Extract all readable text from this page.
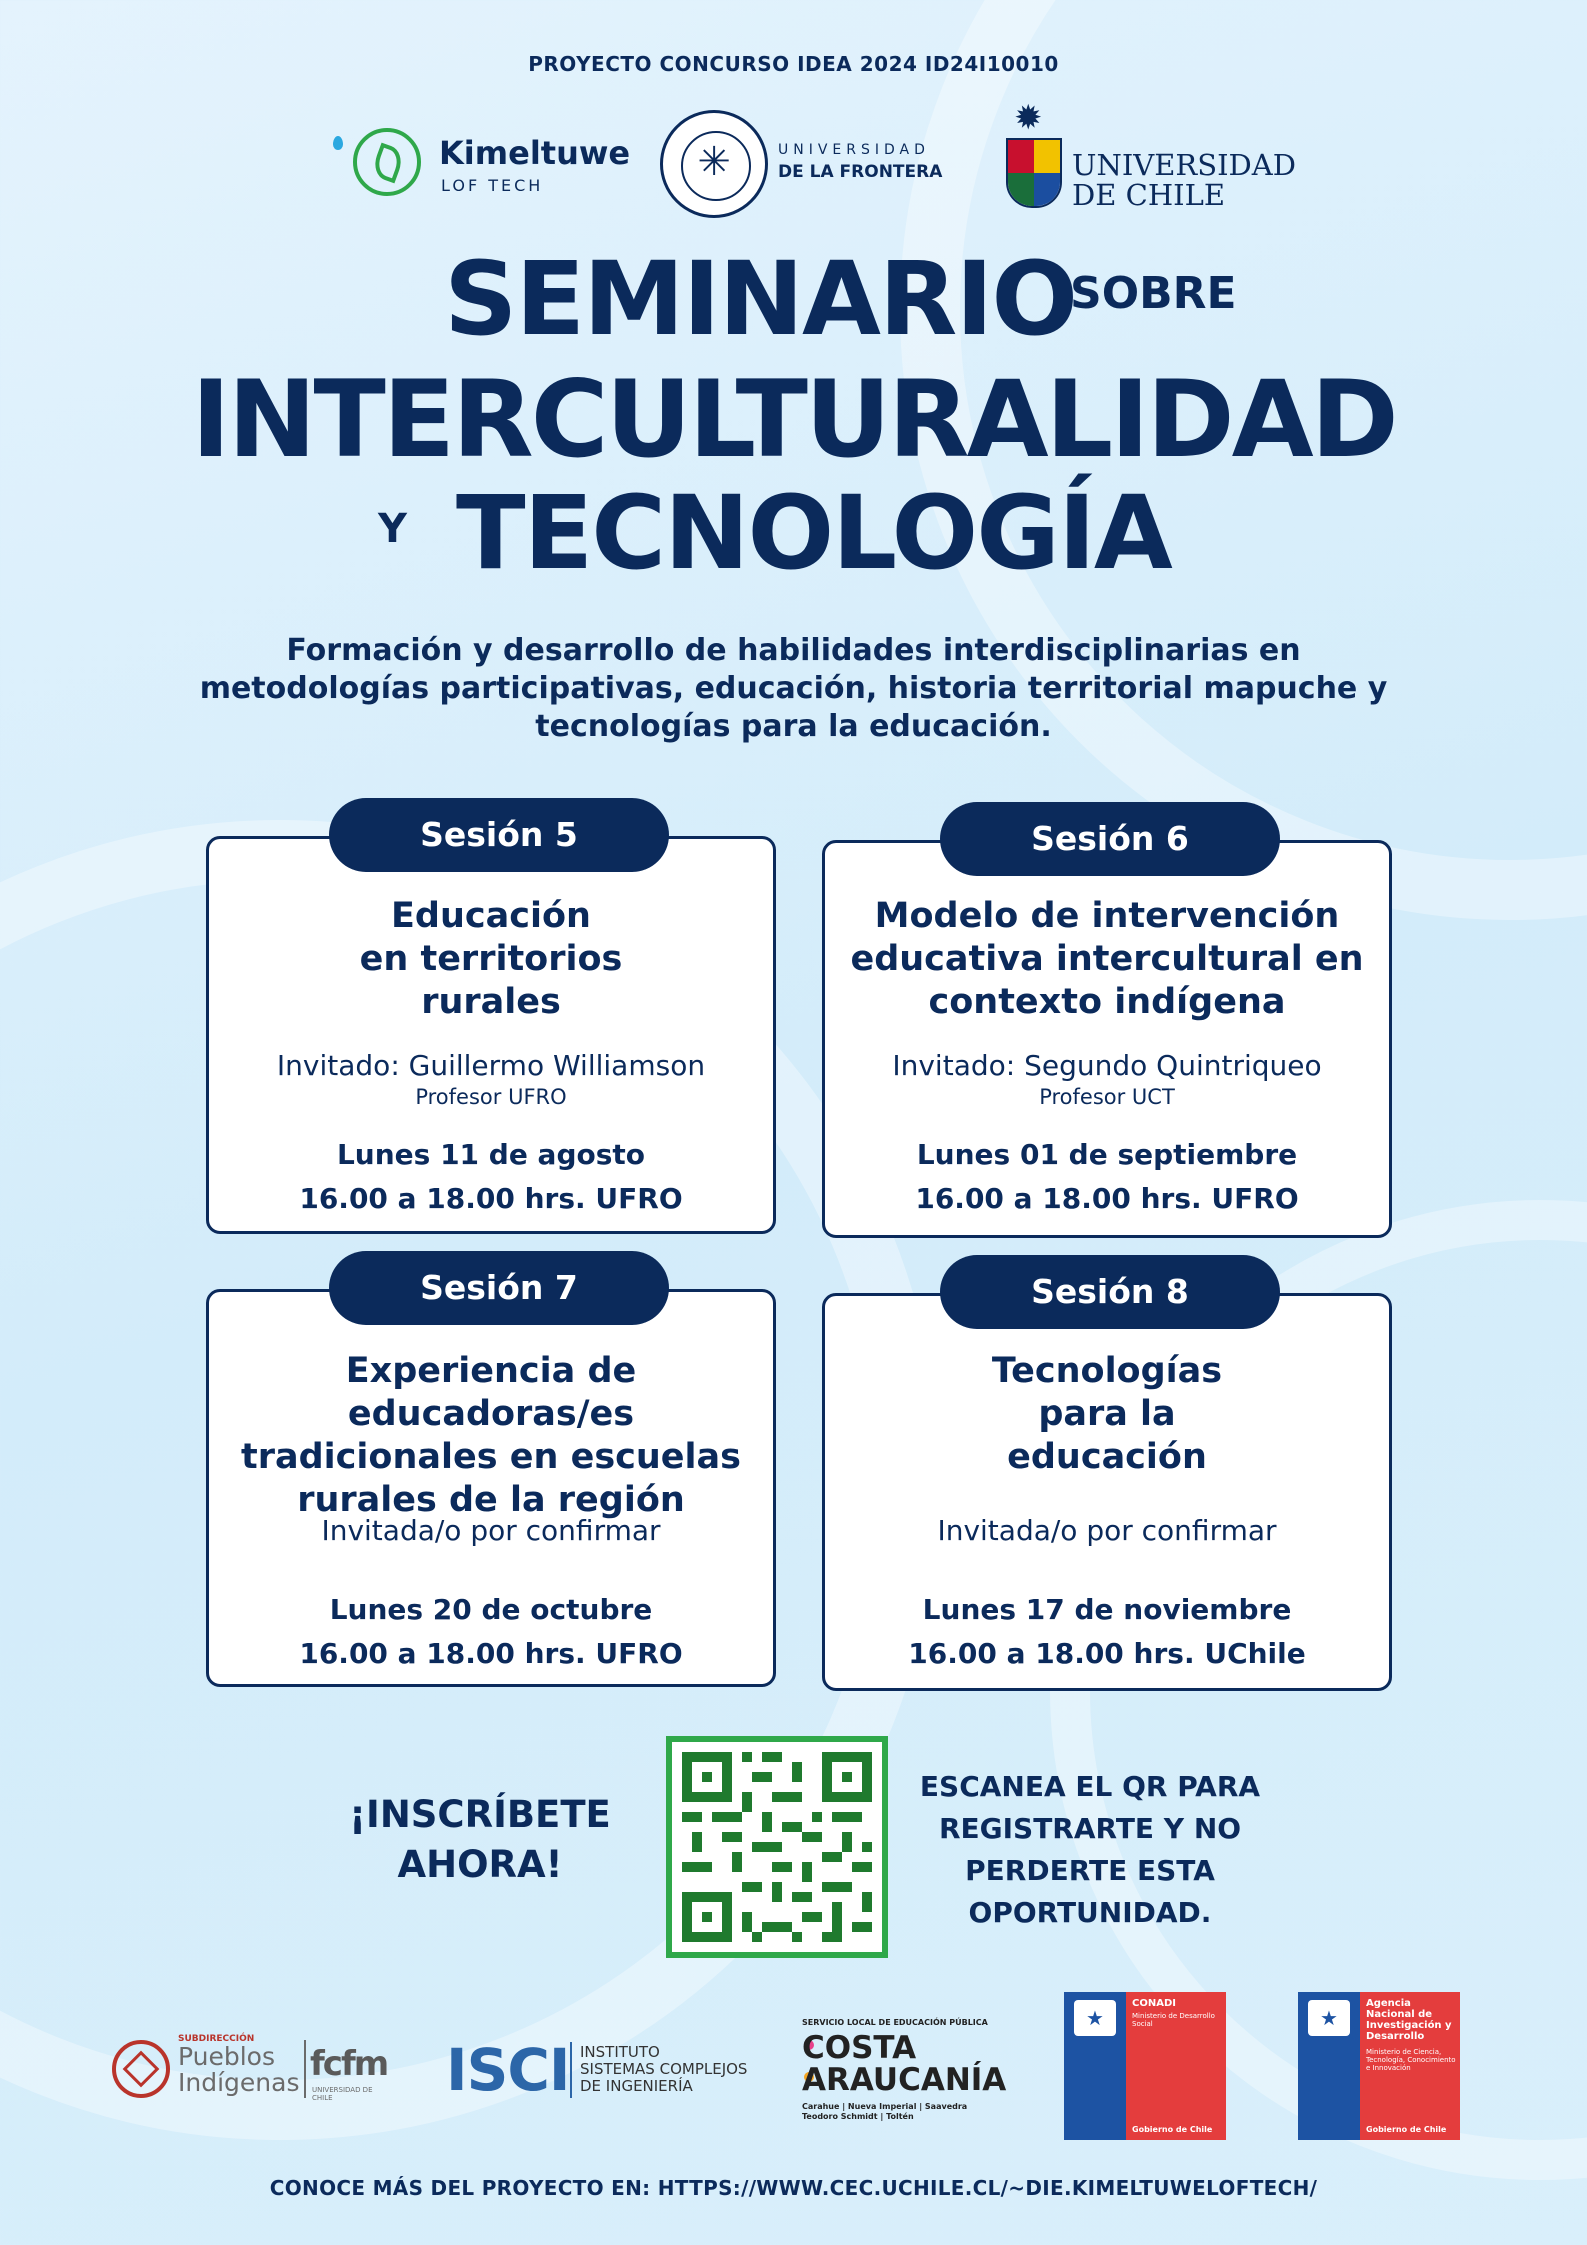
PROYECTO CONCURSO IDEA 2024 ID24I10010
Kimeltuwe
LOF TECH
✳
UNIVERSIDAD
DE LA FRONTERA
✹
UNIVERSIDAD
DE CHILE
SEMINARIO
SOBRE
INTERCULTURALIDAD
Y TECNOLOGÍA
Formación y desarrollo de habilidades interdisciplinarias en
metodologías participativas, educación, historia territorial mapuche y
tecnologías para la educación.
Educación
en territorios
rurales
Invitado: Guillermo Williamson
Profesor UFRO
Lunes 11 de agosto
16.00 a 18.00 hrs. UFRO
Sesión 5
Modelo de intervención
educativa intercultural en
contexto indígena
Invitado: Segundo Quintriqueo
Profesor UCT
Lunes 01 de septiembre
16.00 a 18.00 hrs. UFRO
Sesión 6
Experiencia de educadoras/es
tradicionales en escuelas
rurales de la región
Invitada/o por confirmar
Lunes 20 de octubre
16.00 a 18.00 hrs. UFRO
Sesión 7
Tecnologías
para la
educación
Invitada/o por confirmar
Lunes 17 de noviembre
16.00 a 18.00 hrs. UChile
Sesión 8
¡INSCRÍBETE
AHORA!
ESCANEA EL QR PARA
REGISTRARTE Y NO
PERDERTE ESTA
OPORTUNIDAD.
SUBDIRECCIÓN
Pueblos
Indígenas fcfm
UNIVERSIDAD DE CHILE	ISCI INSTITUTO
SISTEMAS COMPLEJOS
DE INGENIERÍA
SERVICIO LOCAL DE EDUCACIÓN PÚBLICA
COSTA
ARAUCANÍA
Carahue | Nueva Imperial | Saavedra
Teodoro Schmidt | Toltén
★
CONADI
Ministerio de Desarrollo Social
Gobierno de Chile
★
Agencia Nacional de Investigación y Desarrollo
Ministerio de Ciencia, Tecnología, Conocimiento e Innovación
Gobierno de Chile
CONOCE MÁS DEL PROYECTO EN: HTTPS://WWW.CEC.UCHILE.CL/~DIE.KIMELTUWELOFTECH/
